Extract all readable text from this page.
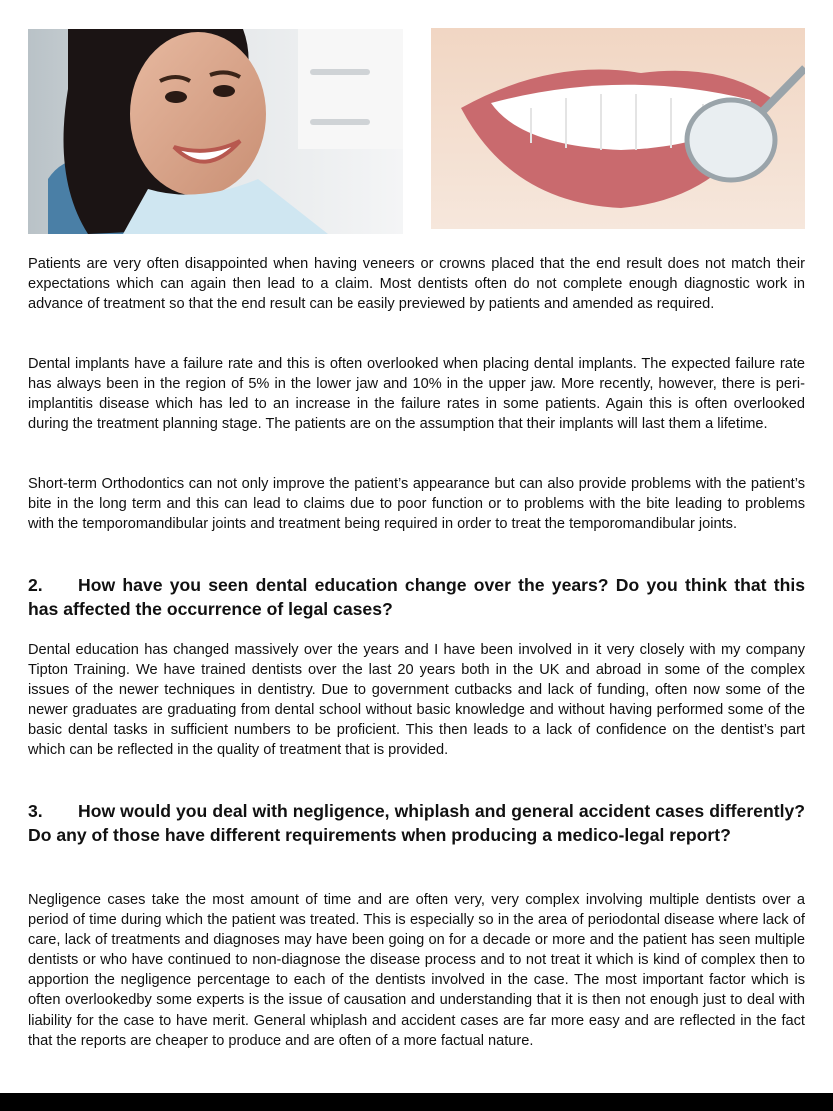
Patients are very often disappointed when having veneers or crowns placed that the end result does not match their expectations which can again then lead to a claim. Most dentists often do not complete enough diagnostic work in advance of treatment so that the end result can be easily previewed by patients and amended as required.

Dental implants have a failure rate and this is often overlooked when placing dental implants. The expected failure rate has always been in the region of 5% in the lower jaw and 10% in the upper jaw. More recently, however, there is peri-implantitis disease which has led to an increase in the failure rates in some patients. Again this is often overlooked during the treatment planning stage. The patients are on the assumption that their implants will last them a lifetime.

Short-term Orthodontics can not only improve the patient’s appearance but can also provide problems with the patient’s bite in the long term and this can lead to claims due to poor function or to problems with the bite leading to problems with the temporomandibular joints and treatment being required in order to treat the temporomandibular joints.

2. How have you seen dental education change over the years? Do you think that this has affected the occurrence of legal cases?

Dental education has changed massively over the years and I have been involved in it very closely with my company Tipton Training. We have trained dentists over the last 20 years both in the UK and abroad in some of the complex issues of the newer techniques in dentistry. Due to government cutbacks and lack of funding, often now some of the newer graduates are graduating from dental school without basic knowledge and without having performed some of the basic dental tasks in sufficient numbers to be proficient. This then leads to a lack of confidence on the dentist’s part which can be reflected in the quality of treatment that is provided.

3. How would you deal with negligence, whiplash and general accident cases differently? Do any of those have different requirements when producing a medico-legal report?

Negligence cases take the most amount of time and are often very, very complex involving multiple dentists over a period of time during which the patient was treated. This is especially so in the area of periodontal disease where lack of care, lack of treatments and diagnoses may have been going on for a decade or more and the patient has seen multiple dentists or who have continued to non-diagnose the disease process and to not treat it which is kind of complex then to apportion the negligence percentage to each of the dentists involved in the case. The most important factor which is often overlookedby some experts is the issue of causation and understanding that it is then not enough just to deal with liability for the case to have merit. General whiplash and accident cases are far more easy and are reflected in the fact that the reports are cheaper to produce and are often of a more factual nature.
